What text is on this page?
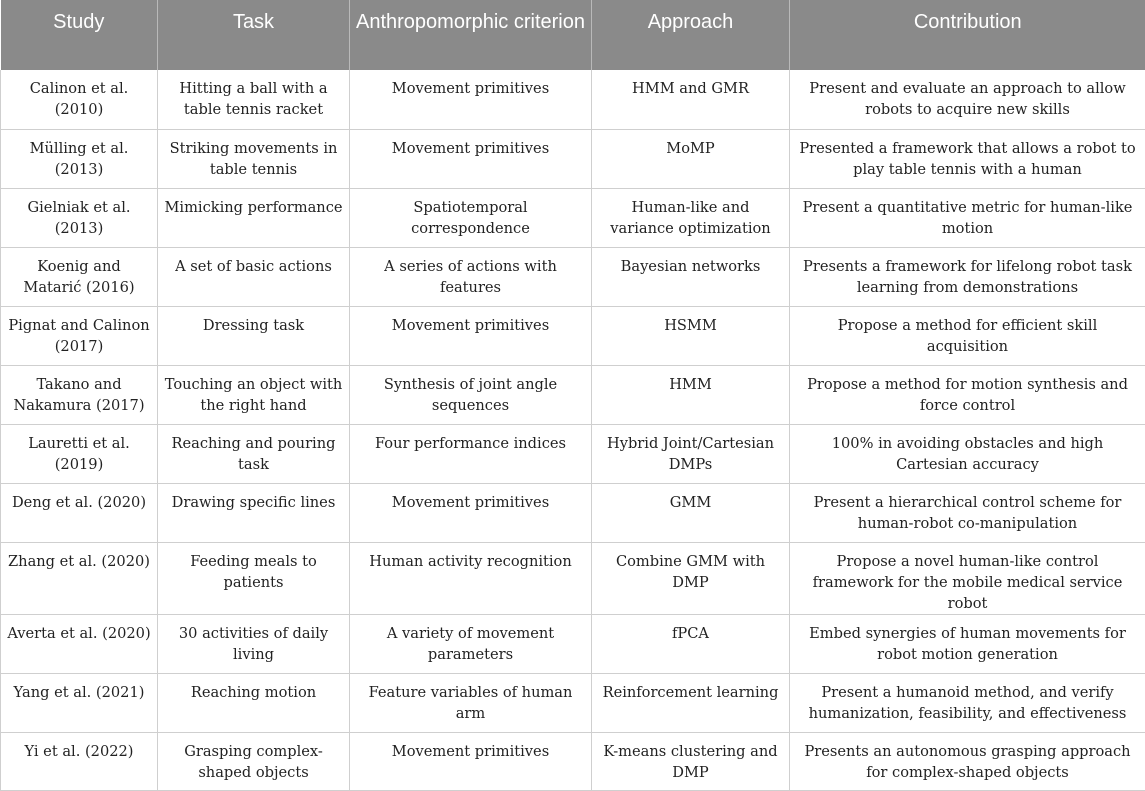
Study	Task	Anthropomorphic criterion	Approach	Contribution
Calinon et al. (2010)	Hitting a ball with a table tennis racket	Movement primitives	HMM and GMR	Present and evaluate an approach to allow robots to acquire new skills
Mülling et al. (2013)	Striking movements in table tennis	Movement primitives	MoMP	Presented a framework that allows a robot to play table tennis with a human
Gielniak et al. (2013)	Mimicking performance	Spatiotemporal correspondence	Human-like and variance optimization	Present a quantitative metric for human-like motion
Koenig and Matarić (2016)	A set of basic actions	A series of actions with features	Bayesian networks	Presents a framework for lifelong robot task learning from demonstrations
Pignat and Calinon (2017)	Dressing task	Movement primitives	HSMM	Propose a method for efficient skill acquisition
Takano and Nakamura (2017)	Touching an object with the right hand	Synthesis of joint angle sequences	HMM	Propose a method for motion synthesis and force control
Lauretti et al. (2019)	Reaching and pouring task	Four performance indices	Hybrid Joint/Cartesian DMPs	100% in avoiding obstacles and high Cartesian accuracy
Deng et al. (2020)	Drawing specific lines	Movement primitives	GMM	Present a hierarchical control scheme for human-robot co-manipulation
Zhang et al. (2020)	Feeding meals to patients	Human activity recognition	Combine GMM with DMP	Propose a novel human-like control framework for the mobile medical service robot
Averta et al. (2020)	30 activities of daily living	A variety of movement parameters	fPCA	Embed synergies of human movements for robot motion generation
Yang et al. (2021)	Reaching motion	Feature variables of human arm	Reinforcement learning	Present a humanoid method, and verify humanization, feasibility, and effectiveness
Yi et al. (2022)	Grasping complex-shaped objects	Movement primitives	K-means clustering and DMP	Presents an autonomous grasping approach for complex-shaped objects
